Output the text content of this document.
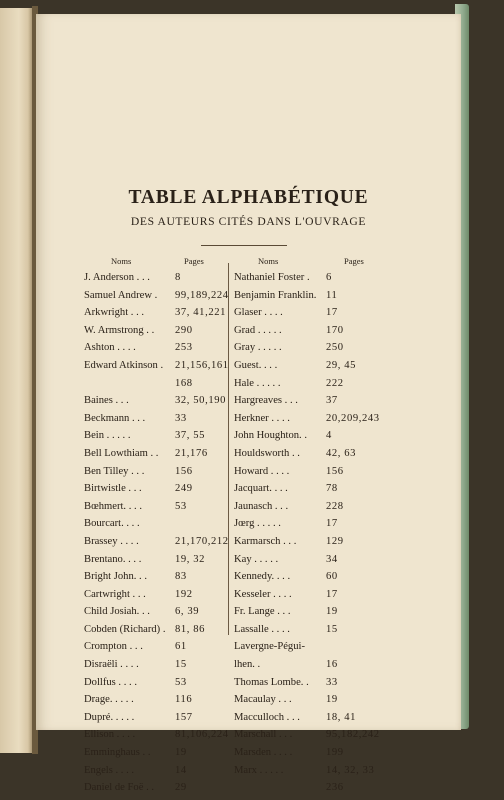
TABLE ALPHABÉTIQUE
DES AUTEURS CITÉS DANS L'OUVRAGE
Noms	Pages
J. Anderson . . . 8
Samuel Andrew . 99,189,224
Arkwright . . .	37, 41,221
W. Armstrong . . 290
Ashton . . . .	253
Edward Atkinson . 21,156,161
168
Baines . . .	32, 50,190
Beckmann . . .	33
Bein . . . . .	37, 55
Bell Lowthiam . . 21,176
Ben Tilley . . .	156
Birtwistle . . .	249
Bœhmert. . . .	53
Bourcart. . . .
Brassey . . . .	21,170,212
Brentano. . . .	19, 32
Bright John. . .	83
Cartwright . . .	192
Child Josiah. . . 6, 39
Cobden (Richard) . 81, 86
Crompton . . .	61
Disraëli . . . .	15
Dollfus . . . .	53
Drage. . . . .	116
Dupré. . . . .	157
Ellison . . . .	81,106,224
Emminghaus . . 19
Engels . . . .	14
Daniel de Foë . . 29
Noms	Pages
Nathaniel Foster . 6
Benjamin Franklin. 11
Glaser . . . .	17
Grad . . . . .	170
Gray . . . . .	250
Guest. . . .	29, 45
Hale . . . . .	222
Hargreaves . . .	37
Herkner . . . .	20,209,243
John Houghton. . 4
Houldsworth . . 42, 63
Howard . . . .	156
Jacquart. . . .	78
Jaunasch . . .	228
Jœrg . . . . .	17
Karmarsch . . .	129
Kay . . . . .	34
Kennedy. . . .	60
Kesseler . . . .	17
Fr. Lange . . .	19
Lassalle . . . .	15
Lavergne-Pégui-
lhen. .	16
Thomas Lombe. . 33
Macaulay . . .	19
Macculloch . . . 18, 41
Marschall . . .	95,182,242
Marsden . . . .	199
Marx . . . . .	14, 32, 33
236
